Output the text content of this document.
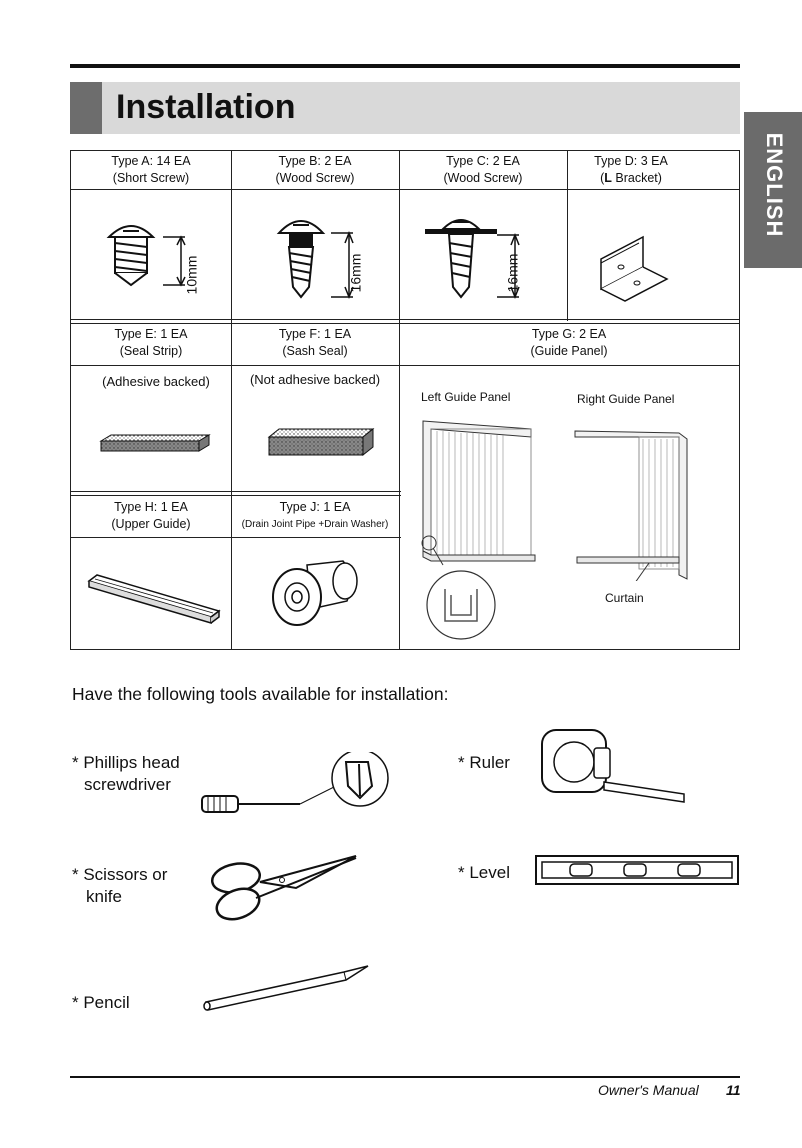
Installation
ENGLISH
Type A: 14 EA
(Short Screw)
Type B: 2 EA
(Wood Screw)
Type C: 2 EA
(Wood Screw)
Type D: 3 EA
(L Bracket)
10mm	16mm	16mm
Type E: 1 EA
(Seal Strip)
Type F: 1 EA
(Sash Seal)
Type G: 2 EA
(Guide Panel)
(Adhesive backed)	(Not adhesive backed)
Left Guide Panel	Right Guide Panel
Curtain
Type H: 1 EA
(Upper Guide)
Type J: 1 EA
(Drain Joint Pipe +Drain Washer)
Have the following tools available for installation:
* Phillips head
screwdriver
* Scissors or
knife
* Pencil
* Ruler
* Level
Owner's Manual 11
